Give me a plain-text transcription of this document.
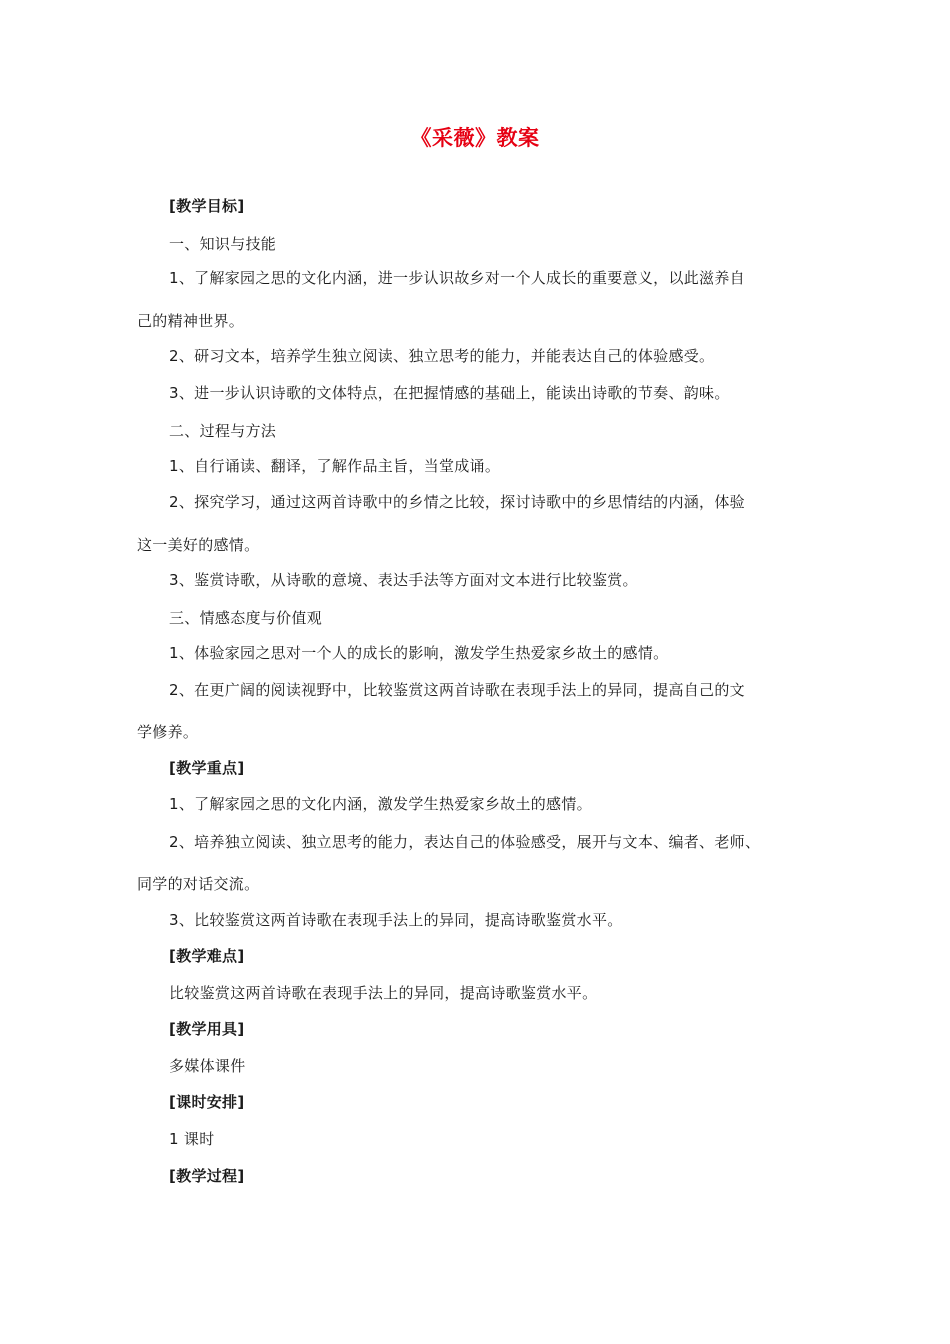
《采薇》教案
[教学目标]
一、知识与技能
1、了解家园之思的文化内涵，进一步认识故乡对一个人成长的重要意义，以此滋养自
己的精神世界。
2、研习文本，培养学生独立阅读、独立思考的能力，并能表达自己的体验感受。
3、进一步认识诗歌的文体特点，在把握情感的基础上，能读出诗歌的节奏、韵味。
二、过程与方法
1、自行诵读、翻译，了解作品主旨，当堂成诵。
2、探究学习，通过这两首诗歌中的乡情之比较，探讨诗歌中的乡思情结的内涵，体验
这一美好的感情。
3、鉴赏诗歌，从诗歌的意境、表达手法等方面对文本进行比较鉴赏。
三、情感态度与价值观
1、体验家园之思对一个人的成长的影响，激发学生热爱家乡故土的感情。
2、在更广阔的阅读视野中，比较鉴赏这两首诗歌在表现手法上的异同，提高自己的文
学修养。
[教学重点]
1、了解家园之思的文化内涵，激发学生热爱家乡故土的感情。
2、培养独立阅读、独立思考的能力，表达自己的体验感受，展开与文本、编者、老师、
同学的对话交流。
3、比较鉴赏这两首诗歌在表现手法上的异同，提高诗歌鉴赏水平。
[教学难点]
比较鉴赏这两首诗歌在表现手法上的异同，提高诗歌鉴赏水平。
[教学用具]
多媒体课件
[课时安排]
1 课时
[教学过程]
